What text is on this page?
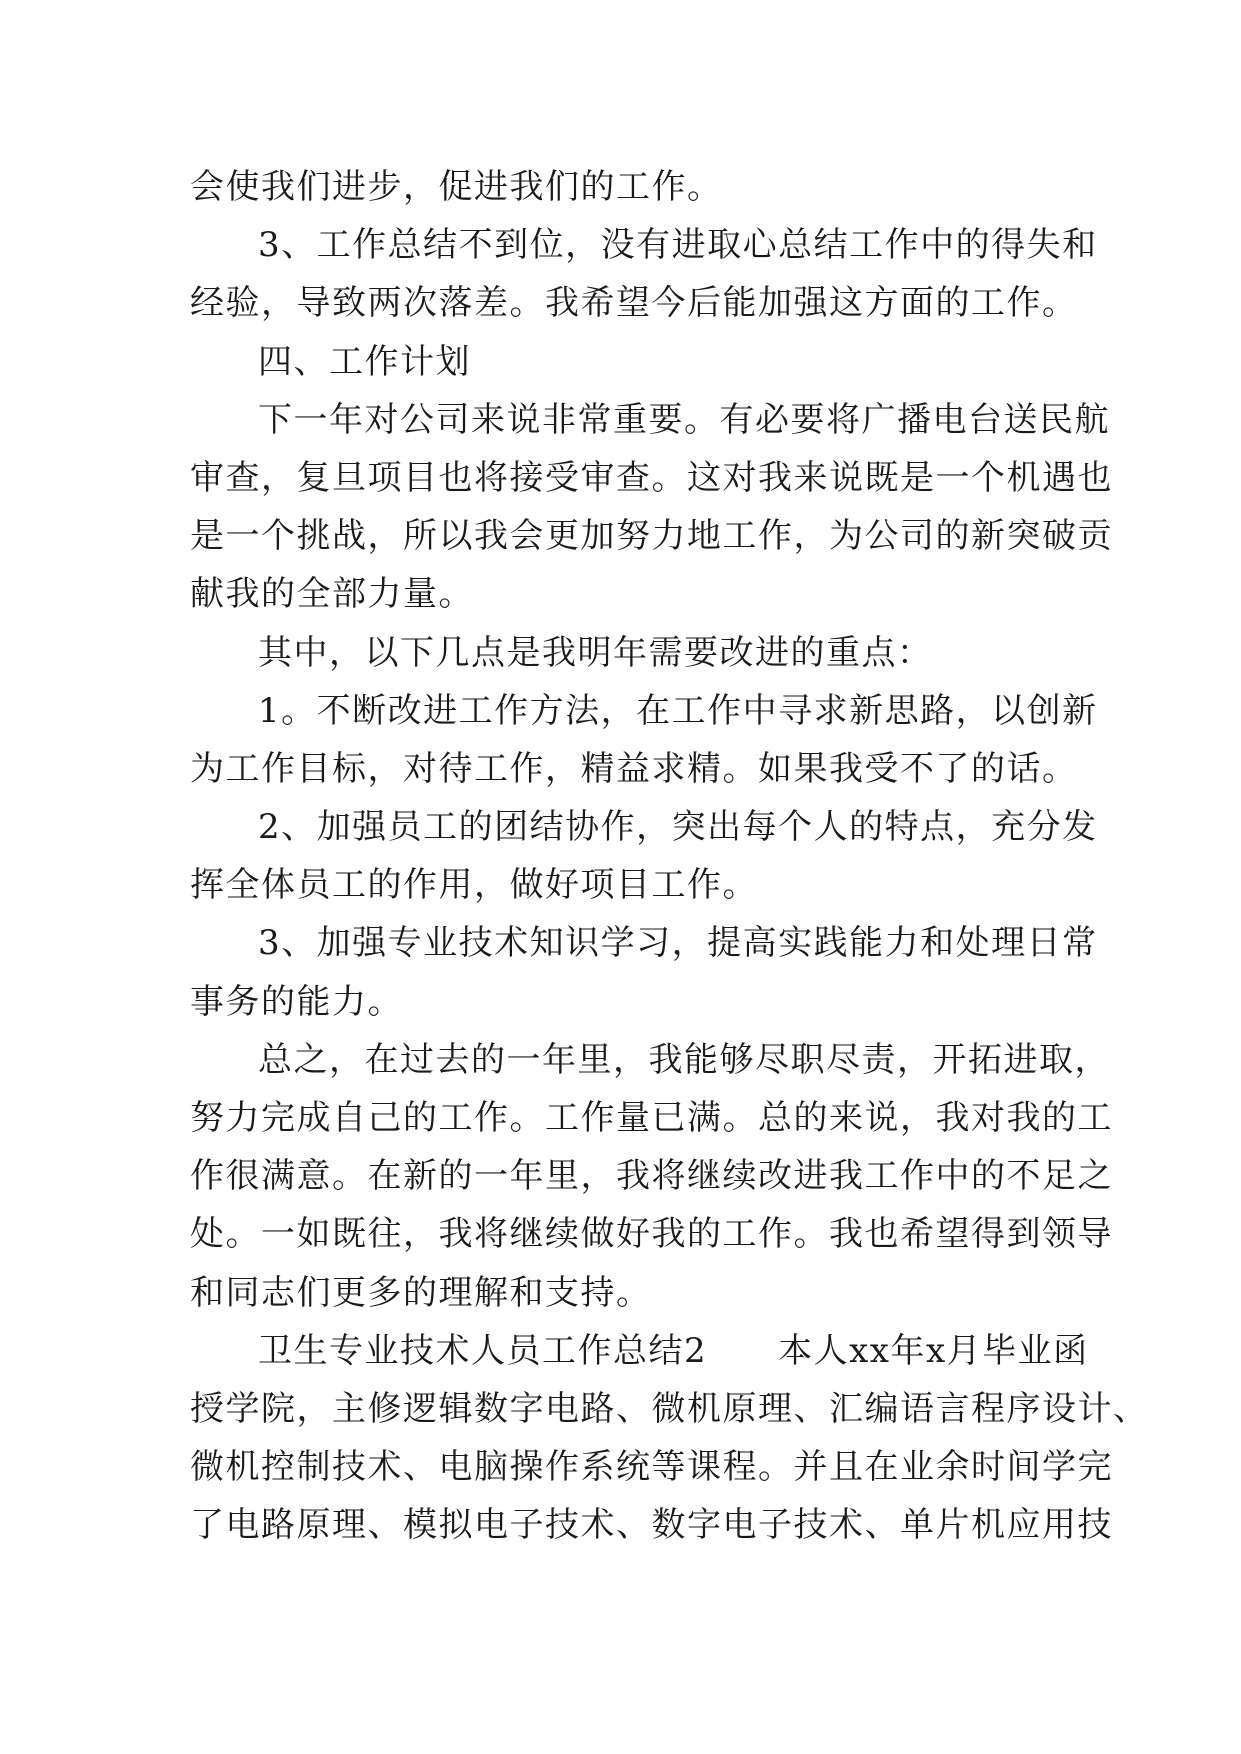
会使我们进步，促进我们的工作。
3、工作总结不到位，没有进取心总结工作中的得失和
经验，导致两次落差。我希望今后能加强这方面的工作。
四、工作计划
下一年对公司来说非常重要。有必要将广播电台送民航
审查，复旦项目也将接受审查。这对我来说既是一个机遇也
是一个挑战，所以我会更加努力地工作，为公司的新突破贡
献我的全部力量。
其中，以下几点是我明年需要改进的重点：
1。不断改进工作方法，在工作中寻求新思路，以创新
为工作目标，对待工作，精益求精。如果我受不了的话。
2、加强员工的团结协作，突出每个人的特点，充分发
挥全体员工的作用，做好项目工作。
3、加强专业技术知识学习，提高实践能力和处理日常
事务的能力。
总之，在过去的一年里，我能够尽职尽责，开拓进取，
努力完成自己的工作。工作量已满。总的来说，我对我的工
作很满意。在新的一年里，我将继续改进我工作中的不足之
处。一如既往，我将继续做好我的工作。我也希望得到领导
和同志们更多的理解和支持。
卫生专业技术人员工作总结2　　本人xx年x月毕业函
授学院，主修逻辑数字电路、微机原理、汇编语言程序设计、
微机控制技术、电脑操作系统等课程。并且在业余时间学完
了电路原理、模拟电子技术、数字电子技术、单片机应用技
